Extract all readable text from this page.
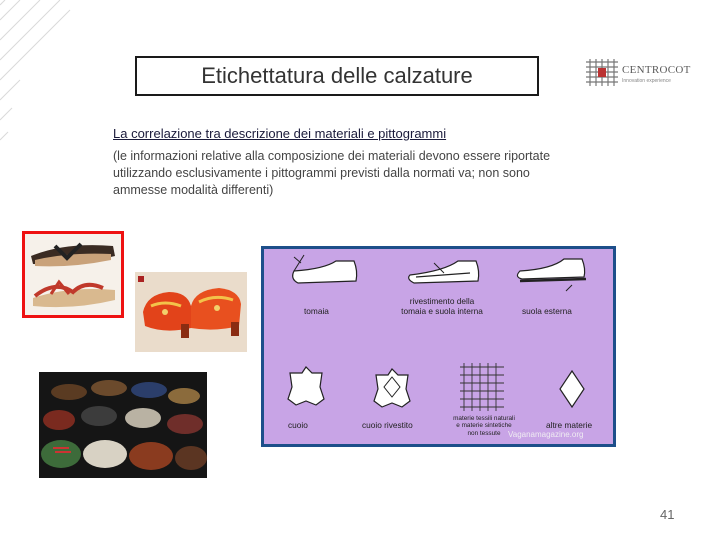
Etichettatura delle calzature	CENTROCOT
Innovation experience
La correlazione tra descrizione dei materiali e pittogrammi
(le informazioni relative alla composizione dei materiali devono essere riportate utilizzando esclusivamente i pittogrammi previsti dalla normati va; non sono ammesse modalità differenti)
tomaia
rivestimento della
tomaia e suola interna	suola esterna
cuoio	cuoio rivestito
materie tessili naturali
e materie sintetiche
non tessute
altre materie
Vaganamagazine.org
41
